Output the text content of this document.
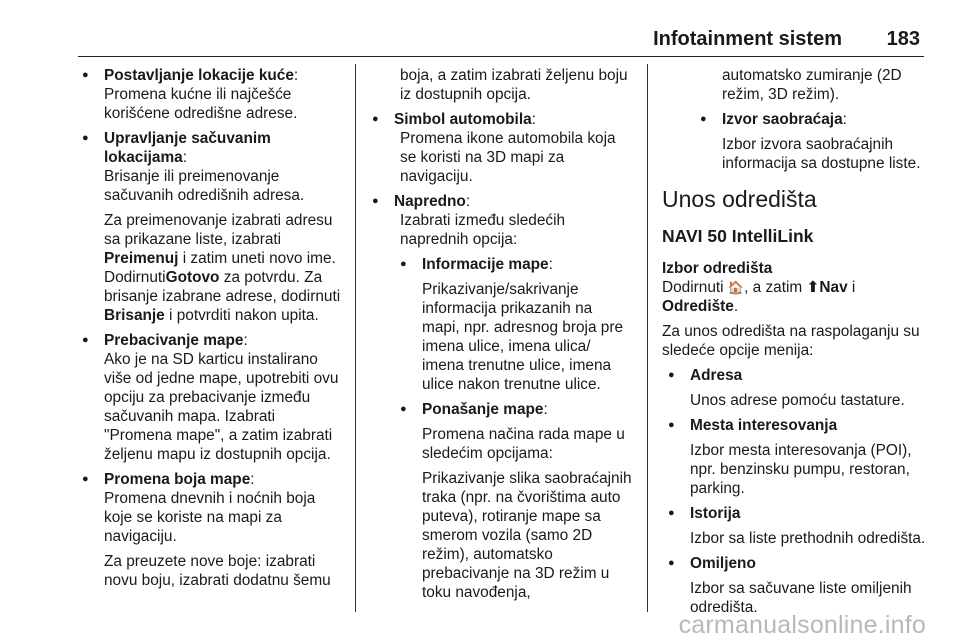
Infotainment sistem 183

● Postavljanje lokacije kuće:

Promena kućne ili najčešće korišćene odredišne adrese.

● Upravljanje sačuvanim lokacijama:

Brisanje ili preimenovanje sačuvanih odredišnih adresa.

Za preimenovanje izabrati adresu sa prikazane liste, izabrati Preimenuj i zatim uneti novo ime. DodirnutiGotovo za potvrdu. Za brisanje izabrane adrese, dodirnuti Brisanje i potvrditi nakon upita.

● Prebacivanje mape:

Ako je na SD karticu instalirano više od jedne mape, upotrebiti ovu opciju za prebacivanje između sačuvanih mapa. Izabrati "Promena mape", a zatim izabrati željenu mapu iz dostupnih opcija.

● Promena boja mape:

Promena dnevnih i noćnih boja koje se koriste na mapi za navigaciju.

Za preuzete nove boje: izabrati novu boju, izabrati dodatnu šemu

boja, a zatim izabrati željenu boju iz dostupnih opcija.

● Simbol automobila:

Promena ikone automobila koja se koristi na 3D mapi za navigaciju.

● Napredno:

Izabrati između sledećih naprednih opcija:

● Informacije mape:

Prikazivanje/sakrivanje informacija prikazanih na mapi, npr. adresnog broja pre imena ulice, imena ulica/ imena trenutne ulice, imena ulice nakon trenutne ulice.

● Ponašanje mape:

Promena načina rada mape u sledećim opcijama:

Prikazivanje slika saobraćajnih traka (npr. na čvorištima auto puteva), rotiranje mape sa smerom vozila (samo 2D režim), automatsko prebacivanje na 3D režim u toku navođenja,

automatsko zumiranje (2D režim, 3D režim).

● Izvor saobraćaja:

Izbor izvora saobraćajnih informacija sa dostupne liste.

Unos odredišta
NAVI 50 IntelliLink

Izbor odredišta

Dodirnuti 🏠, a zatim ⬆Nav i Odredište.

Za unos odredišta na raspolaganju su sledeće opcije menija:

● Adresa

Unos adrese pomoću tastature.

● Mesta interesovanja

Izbor mesta interesovanja (POI), npr. benzinsku pumpu, restoran, parking.

● Istorija

Izbor sa liste prethodnih odredišta.

● Omiljeno

Izbor sa sačuvane liste omiljenih odredišta.

carmanualsonline.info
